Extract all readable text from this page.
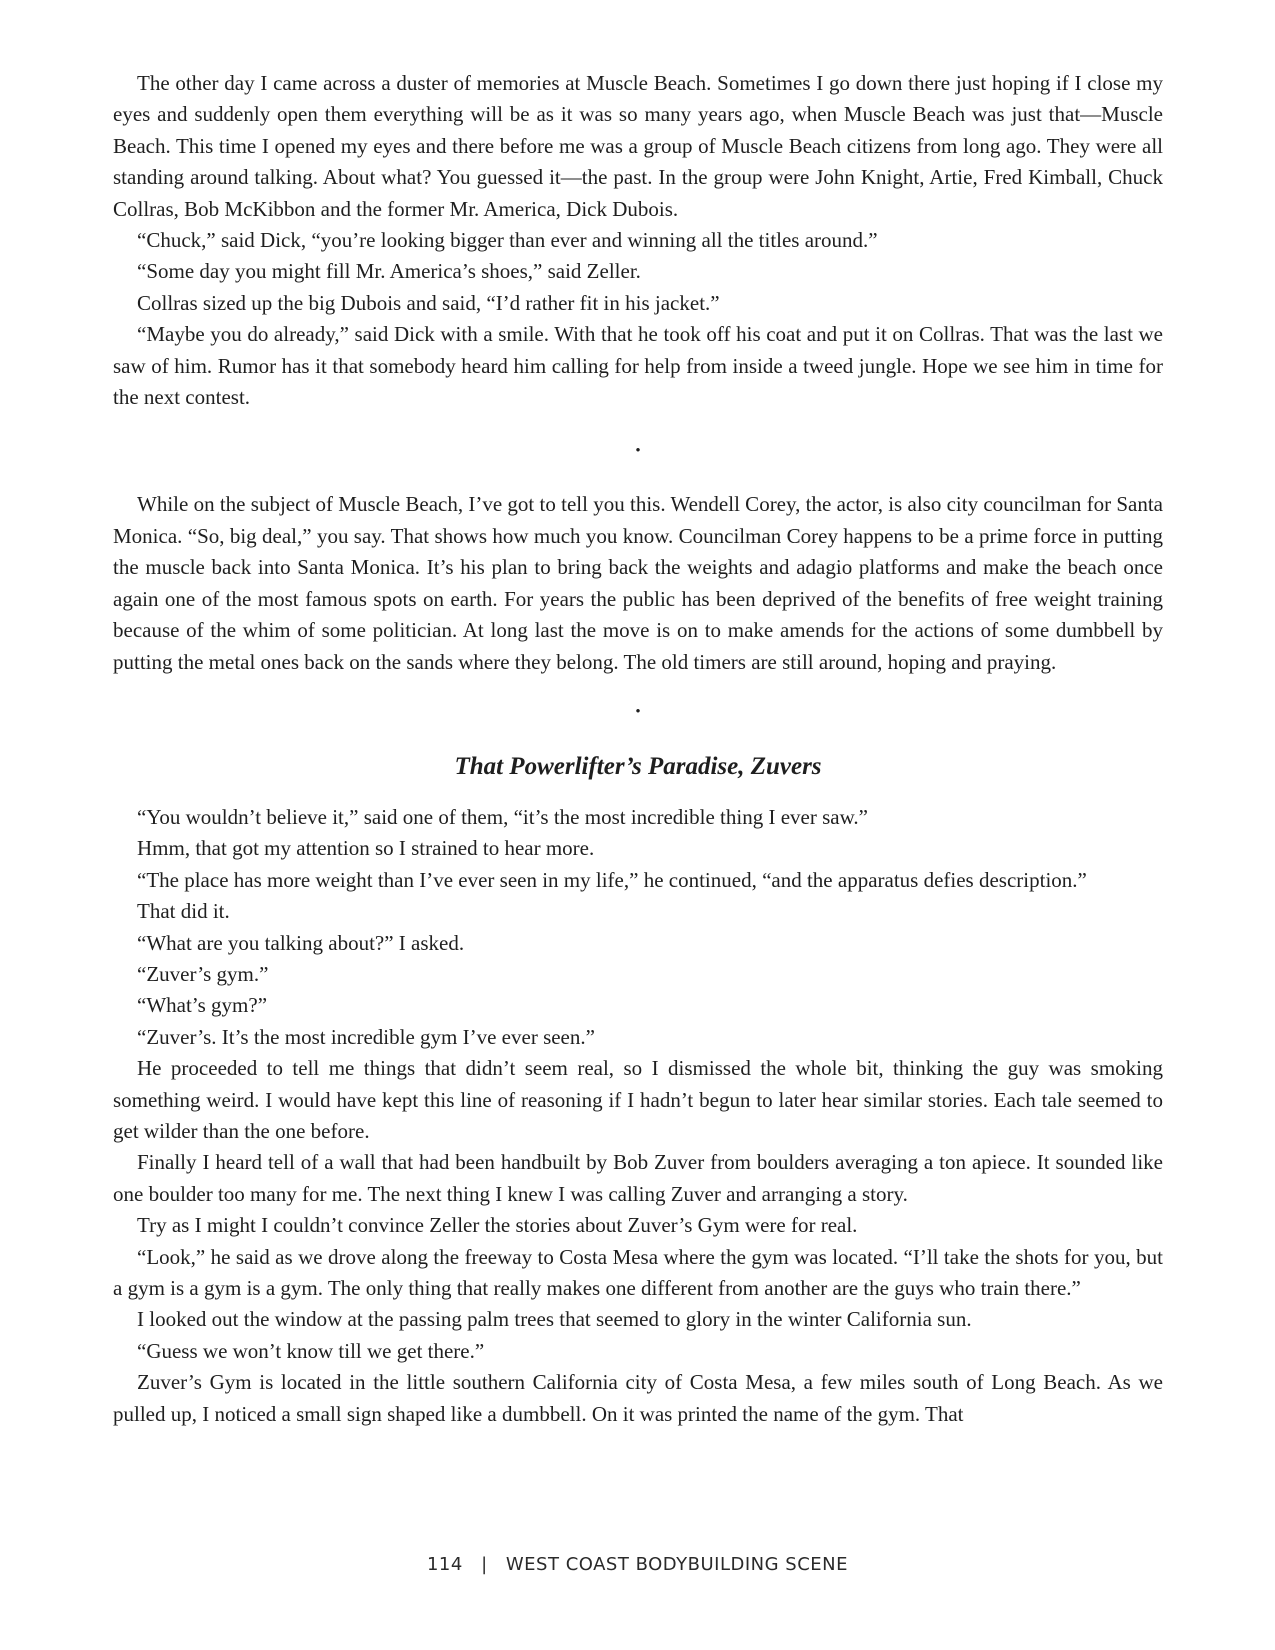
The other day I came across a duster of memories at Muscle Beach. Sometimes I go down there just hoping if I close my eyes and suddenly open them everything will be as it was so many years ago, when Muscle Beach was just that—Muscle Beach. This time I opened my eyes and there before me was a group of Muscle Beach citizens from long ago. They were all standing around talking. About what? You guessed it—the past. In the group were John Knight, Artie, Fred Kimball, Chuck Collras, Bob McKibbon and the former Mr. America, Dick Dubois.

“Chuck,” said Dick, “you’re looking bigger than ever and winning all the titles around.”

“Some day you might fill Mr. America’s shoes,” said Zeller.

Collras sized up the big Dubois and said, “I’d rather fit in his jacket.”

“Maybe you do already,” said Dick with a smile. With that he took off his coat and put it on Collras. That was the last we saw of him. Rumor has it that somebody heard him calling for help from inside a tweed jungle. Hope we see him in time for the next contest.

•

While on the subject of Muscle Beach, I’ve got to tell you this. Wendell Corey, the actor, is also city councilman for Santa Monica. “So, big deal,” you say. That shows how much you know. Councilman Corey happens to be a prime force in putting the muscle back into Santa Monica. It’s his plan to bring back the weights and adagio platforms and make the beach once again one of the most famous spots on earth. For years the public has been deprived of the benefits of free weight training because of the whim of some politician. At long last the move is on to make amends for the actions of some dumbbell by putting the metal ones back on the sands where they belong. The old timers are still around, hoping and praying.

•
That Powerlifter’s Paradise, Zuvers

“You wouldn’t believe it,” said one of them, “it’s the most incredible thing I ever saw.”

Hmm, that got my attention so I strained to hear more.

“The place has more weight than I’ve ever seen in my life,” he continued, “and the apparatus defies description.”

That did it.

“What are you talking about?” I asked.

“Zuver’s gym.”

“What’s gym?”

“Zuver’s. It’s the most incredible gym I’ve ever seen.”

He proceeded to tell me things that didn’t seem real, so I dismissed the whole bit, thinking the guy was smoking something weird. I would have kept this line of reasoning if I hadn’t begun to later hear similar stories. Each tale seemed to get wilder than the one before.

Finally I heard tell of a wall that had been handbuilt by Bob Zuver from boulders averaging a ton apiece. It sounded like one boulder too many for me. The next thing I knew I was calling Zuver and arranging a story.

Try as I might I couldn’t convince Zeller the stories about Zuver’s Gym were for real.

“Look,” he said as we drove along the freeway to Costa Mesa where the gym was located. “I’ll take the shots for you, but a gym is a gym is a gym. The only thing that really makes one different from another are the guys who train there.”

I looked out the window at the passing palm trees that seemed to glory in the winter California sun.

“Guess we won’t know till we get there.”

Zuver’s Gym is located in the little southern California city of Costa Mesa, a few miles south of Long Beach. As we pulled up, I noticed a small sign shaped like a dumbbell. On it was printed the name of the gym. That

114 | WEST COAST BODYBUILDING SCENE
